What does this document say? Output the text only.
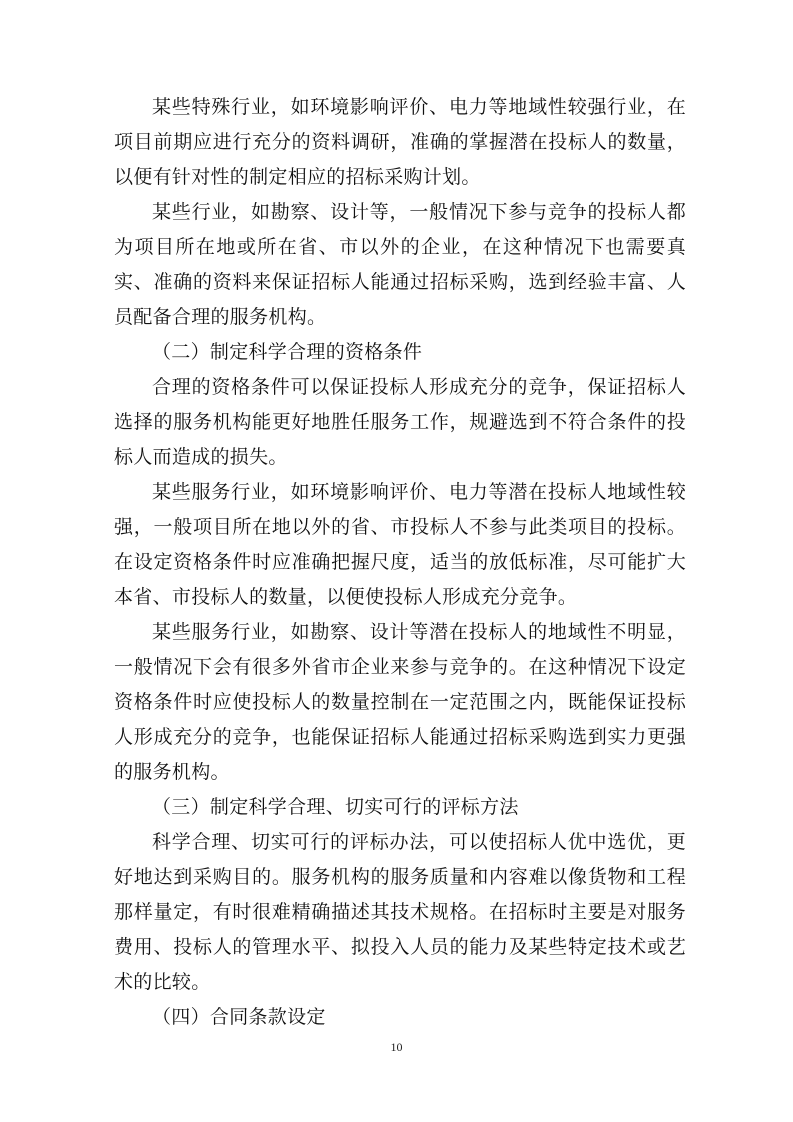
某些特殊行业，如环境影响评价、电力等地域性较强行业，在项目前期应进行充分的资料调研，准确的掌握潜在投标人的数量，以便有针对性的制定相应的招标采购计划。

某些行业，如勘察、设计等，一般情况下参与竞争的投标人都为项目所在地或所在省、市以外的企业，在这种情况下也需要真实、准确的资料来保证招标人能通过招标采购，选到经验丰富、人员配备合理的服务机构。

（二）制定科学合理的资格条件

合理的资格条件可以保证投标人形成充分的竞争，保证招标人选择的服务机构能更好地胜任服务工作，规避选到不符合条件的投标人而造成的损失。

某些服务行业，如环境影响评价、电力等潜在投标人地域性较强，一般项目所在地以外的省、市投标人不参与此类项目的投标。在设定资格条件时应准确把握尺度，适当的放低标准，尽可能扩大本省、市投标人的数量，以便使投标人形成充分竞争。

某些服务行业，如勘察、设计等潜在投标人的地域性不明显，一般情况下会有很多外省市企业来参与竞争的。在这种情况下设定资格条件时应使投标人的数量控制在一定范围之内，既能保证投标人形成充分的竞争，也能保证招标人能通过招标采购选到实力更强的服务机构。

（三）制定科学合理、切实可行的评标方法

科学合理、切实可行的评标办法，可以使招标人优中选优，更好地达到采购目的。服务机构的服务质量和内容难以像货物和工程那样量定，有时很难精确描述其技术规格。在招标时主要是对服务费用、投标人的管理水平、拟投入人员的能力及某些特定技术或艺术的比较。

（四）合同条款设定

10
